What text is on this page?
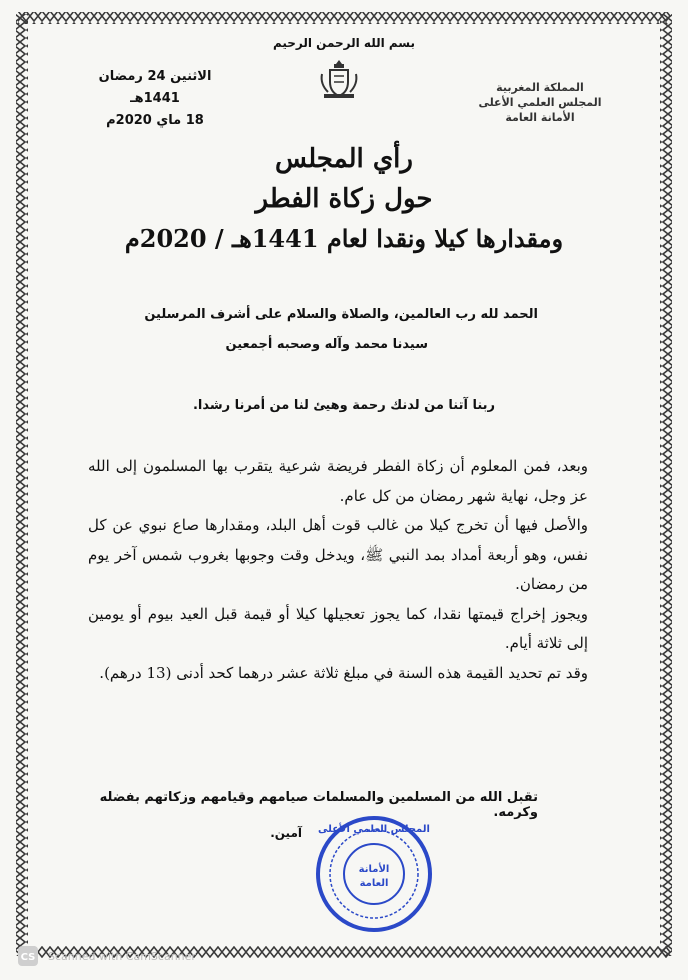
بسم الله الرحمن الرحيم
المملكة المغربية
المجلس العلمي الأعلى
الأمانة العامة
الاثنين 24 رمضان 1441هـ
18 ماي 2020م
رأي المجلس
حول زكاة الفطر
ومقدارها كيلا ونقدا لعام 1441هـ / 2020م
الحمد لله رب العالمين، والصلاة والسلام على أشرف المرسلين
سيدنا محمد وآله وصحبه أجمعين
ربنا آتنا من لدنك رحمة وهيئ لنا من أمرنا رشدا.

وبعد، فمن المعلوم أن زكاة الفطر فريضة شرعية يتقرب بها المسلمون إلى الله عز وجل، نهاية شهر رمضان من كل عام.

والأصل فيها أن تخرج كيلا من غالب قوت أهل البلد، ومقدارها صاع نبوي عن كل نفس، وهو أربعة أمداد بمد النبي ﷺ، ويدخل وقت وجوبها بغروب شمس آخر يوم من رمضان.

ويجوز إخراج قيمتها نقدا، كما يجوز تعجيلها كيلا أو قيمة قبل العيد بيوم أو يومين إلى ثلاثة أيام.

وقد تم تحديد القيمة هذه السنة في مبلغ ثلاثة عشر درهما كحد أدنى (13 درهم).

تقبل الله من المسلمين والمسلمات صيامهم وقيامهم وزكاتهم بفضله وكرمه.
آمين. المجلس العلمي الأعلى
الأمانة
العامة
CS Scanned with CamScanner
